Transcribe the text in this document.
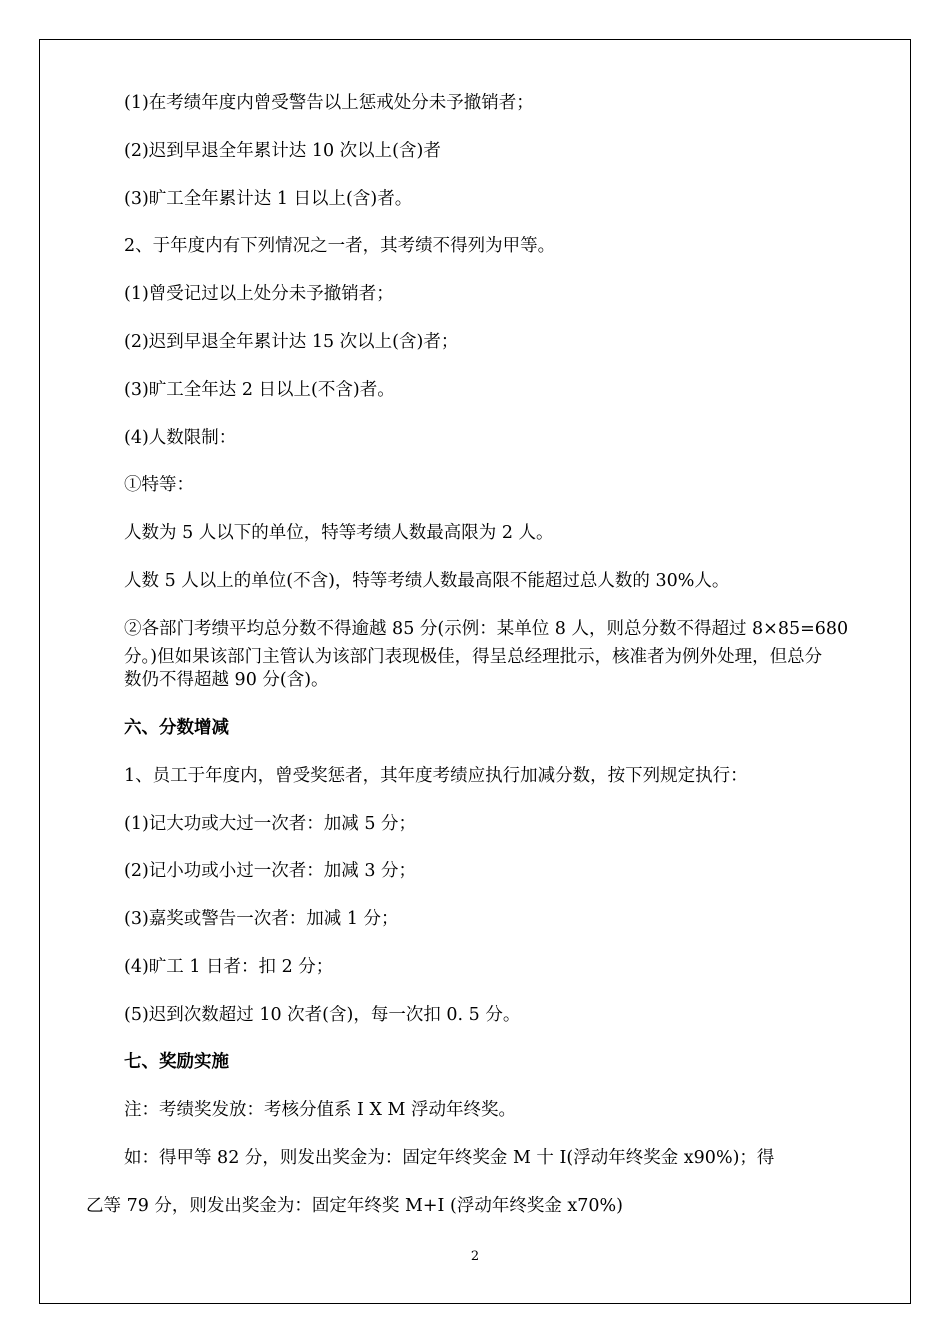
(1)在考绩年度内曾受警告以上惩戒处分未予撤销者；
(2)迟到早退全年累计达 10 次以上(含)者
(3)旷工全年累计达 1 日以上(含)者。
2、于年度内有下列情况之一者，其考绩不得列为甲等。
(1)曾受记过以上处分未予撤销者；
(2)迟到早退全年累计达 15 次以上(含)者；
(3)旷工全年达 2 日以上(不含)者。
(4)人数限制：
①特等：
人数为 5 人以下的单位，特等考绩人数最高限为 2 人。
人数 5 人以上的单位(不含)，特等考绩人数最高限不能超过总人数的 30%人。
②各部门考缋平均总分数不得逾越 85 分(示例：某单位 8 人，则总分数不得超过 8×85=680
分。)但如果该部门主管认为该部门表现极佳，得呈总经理批示，核准者为例外处理，但总分
数仍不得超越 90 分(含)。
六、分数增减
1、员工于年度内，曾受奖惩者，其年度考绩应执行加减分数，按下列规定执行：
(1)记大功或大过一次者：加减 5 分；
(2)记小功或小过一次者：加减 3 分；
(3)嘉奖或警告一次者：加减 1 分；
(4)旷工 1 日者：扣 2 分；
(5)迟到次数超过 10 次者(含)，每一次扣 0. 5 分。
七、奖励实施
注：考绩奖发放：考核分值系 I X M 浮动年终奖。
如：得甲等 82 分，则发出奖金为：固定年终奖金 M 十 I(浮动年终奖金 x90%)；得
乙等 79 分，则发出奖金为：固定年终奖 M+I (浮动年终奖金 x70%)
2
